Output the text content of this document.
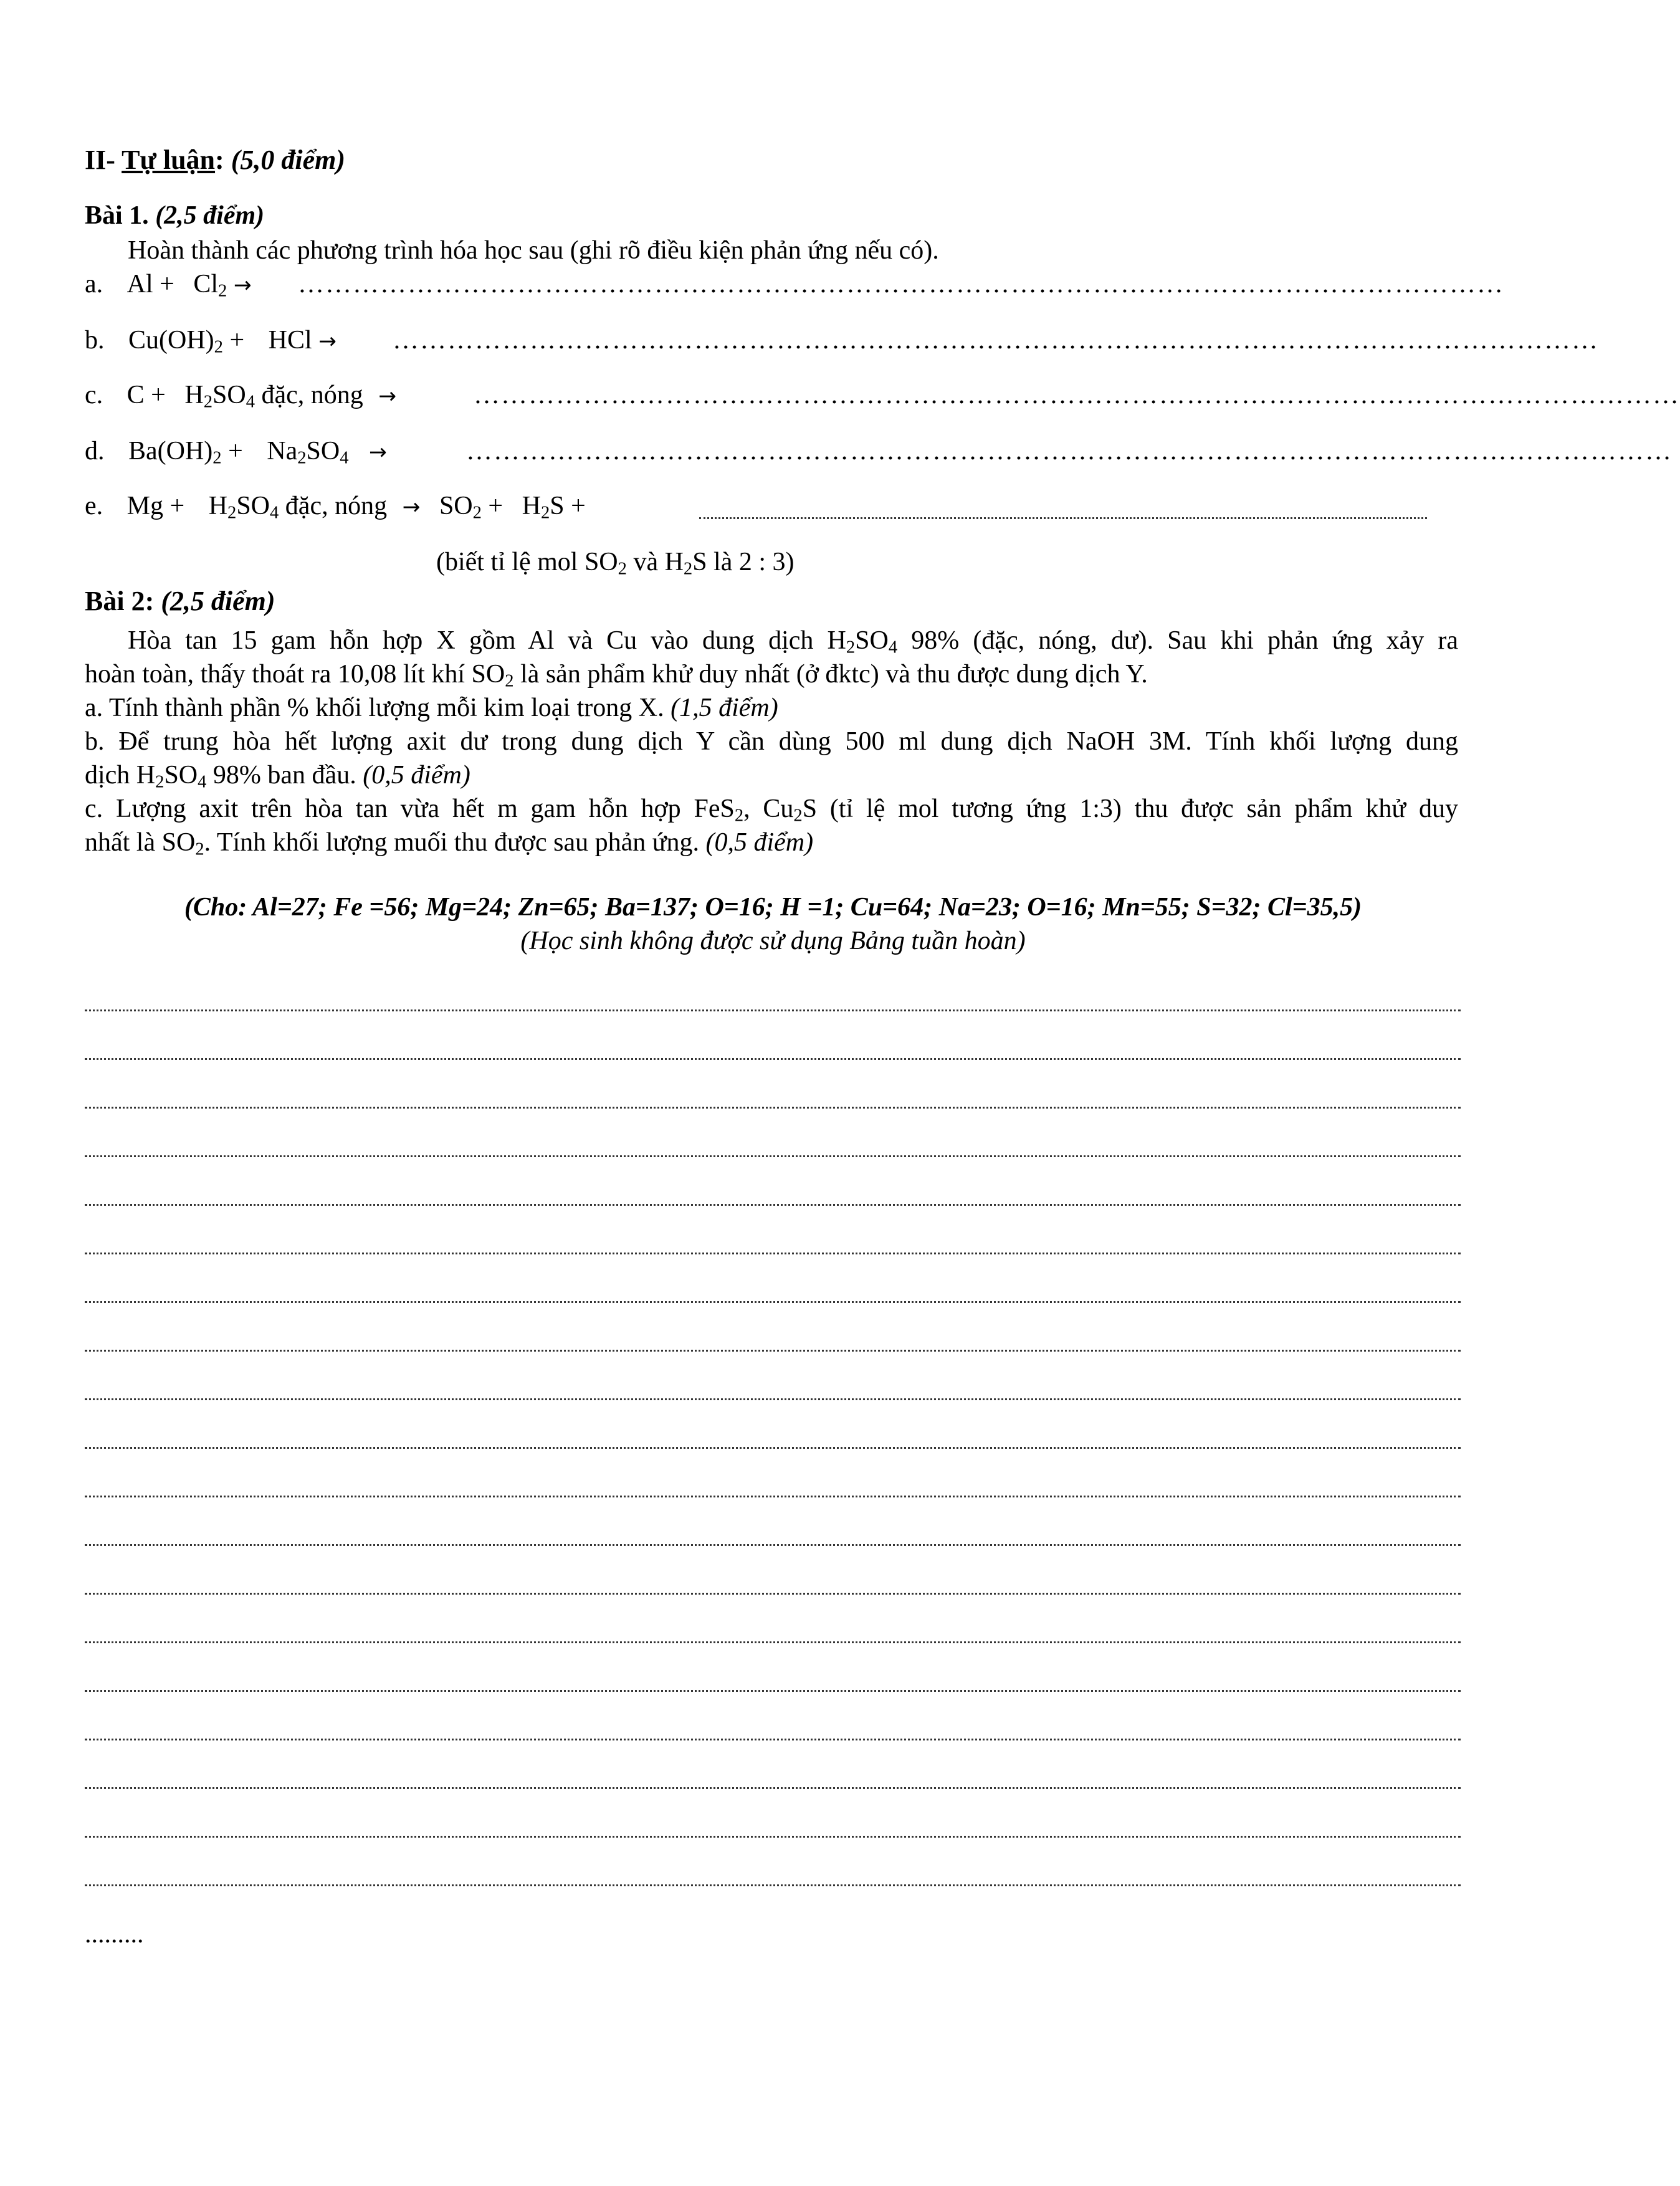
II- Tự luận: (5,0 điểm)
Bài 1. (2,5 điểm)
Hoàn thành các phương trình hóa học sau (ghi rõ điều kiện phản ứng nếu có).
a. $Al + Cl_2$ → ……………………………………………………………………………………………………………………
b. $Cu(OH)_2$ + HCl → ……………………………………………………………………………………………………………………
c. $C + H_2SO_4$ đặc, nóng →	……………………………………………………………………………………………………………………
d. $Ba(OH)_2 + Na_2SO_4$ →	……………………………………………………………………………………………………………………
e. $Mg + H_2SO_4$ đặc, nóng → $SO_2 + H_2S$ +
(biết tỉ lệ mol $SO_2$ và $H_2S$ là 2 : 3)
Bài 2: (2,5 điểm)
Hòa tan 15 gam hỗn hợp X gồm Al và Cu vào dung dịch $H_2SO_4$ 98% (đặc, nóng, dư). Sau khi phản ứng xảy ra
hoàn toàn, thấy thoát ra 10,08 lít khí $SO_2$ là sản phẩm khử duy nhất (ở đktc) và thu được dung dịch Y.
a. Tính thành phần % khối lượng mỗi kim loại trong X. (1,5 điểm)
b. Để trung hòa hết lượng axit dư trong dung dịch Y cần dùng 500 ml dung dịch NaOH 3M. Tính khối lượng dung
dịch $H_2SO_4$ 98% ban đầu. (0,5 điểm)
c. Lượng axit trên hòa tan vừa hết m gam hỗn hợp FeS$_2$, $Cu_2S$ (tỉ lệ mol tương ứng 1:3) thu được sản phẩm khử duy
nhất là $SO_2$. Tính khối lượng muối thu được sau phản ứng. (0,5 điểm)
(Cho: Al=27; Fe =56; Mg=24; Zn=65; Ba=137; O=16; H =1; Cu=64; Na=23; O=16; Mn=55; S=32; Cl=35,5)
(Học sinh không được sử dụng Bảng tuần hoàn)
.........
